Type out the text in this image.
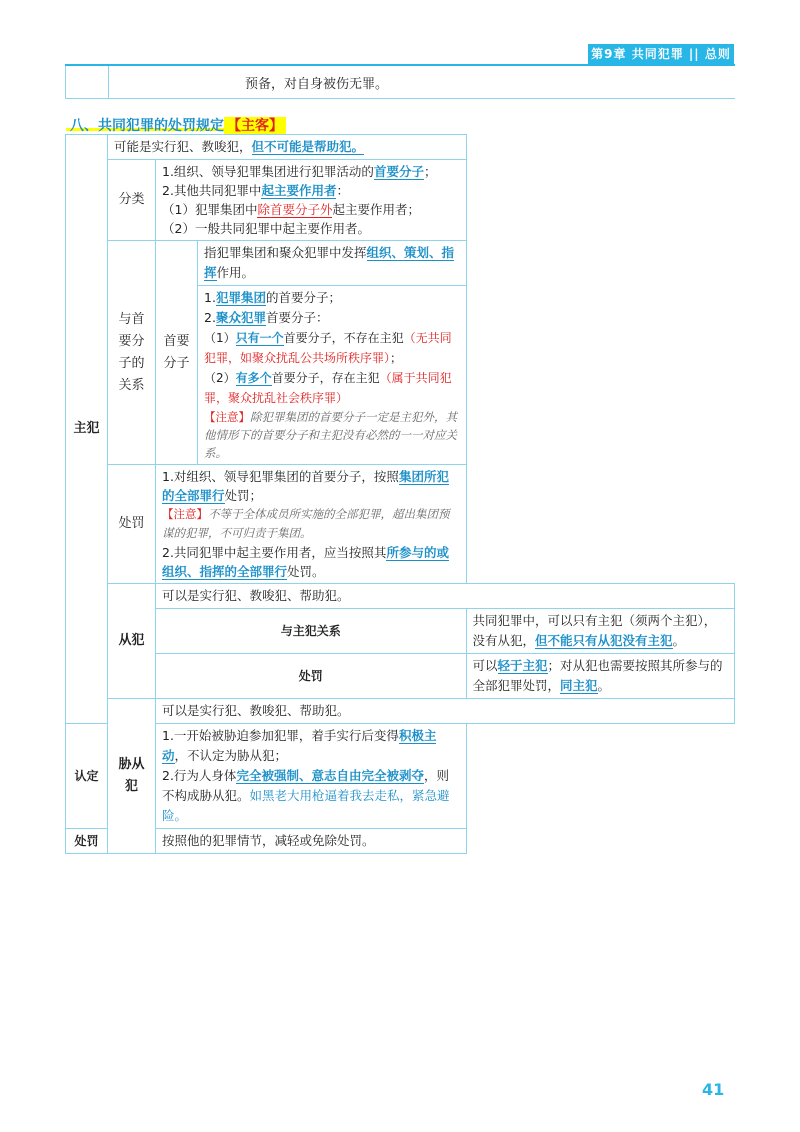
第9章 共同犯罪 || 总则
预备，对自身被伤无罪。
八、共同犯罪的处罚规定 【主客】
主犯	可能是实行犯、教唆犯，但不可能是帮助犯。			
	分类	1.组织、领导犯罪集团进行犯罪活动的首要分子；
2.其他共同犯罪中起主要作用者：
（1）犯罪集团中除首要分子外起主要作用者；
（2）一般共同犯罪中起主要作用者。		

	与首要分子的关系	首要分子	指犯罪集团和聚众犯罪中发挥组织、策划、指挥作用。	

			1.犯罪集团的首要分子；
2.聚众犯罪首要分子：
（1）只有一个首要分子，不存在主犯（无共同犯罪，如聚众扰乱公共场所秩序罪）；
（2）有多个首要分子，存在主犯（属于共同犯罪，聚众扰乱社会秩序罪）
【注意】除犯罪集团的首要分子一定是主犯外，其他情形下的首要分子和主犯没有必然的一一对应关系。	

	处罚	1.对组织、领导犯罪集团的首要分子，按照集团所犯的全部罪行处罚；
【注意】不等于全体成员所实施的全部犯罪，超出集团预谋的犯罪，不可归责于集团。
2.共同犯罪中起主要作用者，应当按照其所参与的或组织、指挥的全部罪行处罚。		

	从犯	可以是实行犯、教唆犯、帮助犯。		
		与主犯关系		共同犯罪中，可以只有主犯（须两个主犯），没有从犯，但不能只有从犯没有主犯。
		处罚		可以轻于主犯；对从犯也需要按照其所参与的全部犯罪处罚，同主犯。
	胁从犯	可以是实行犯、教唆犯、帮助犯。		
认定		1.一开始被胁迫参加犯罪，着手实行后变得积极主动，不认定为胁从犯；
2.行为人身体完全被强制、意志自由完全被剥夺，则不构成胁从犯。如黑老大用枪逼着我去走私，紧急避险。		

处罚		按照他的犯罪情节，减轻或免除处罚。		
41
